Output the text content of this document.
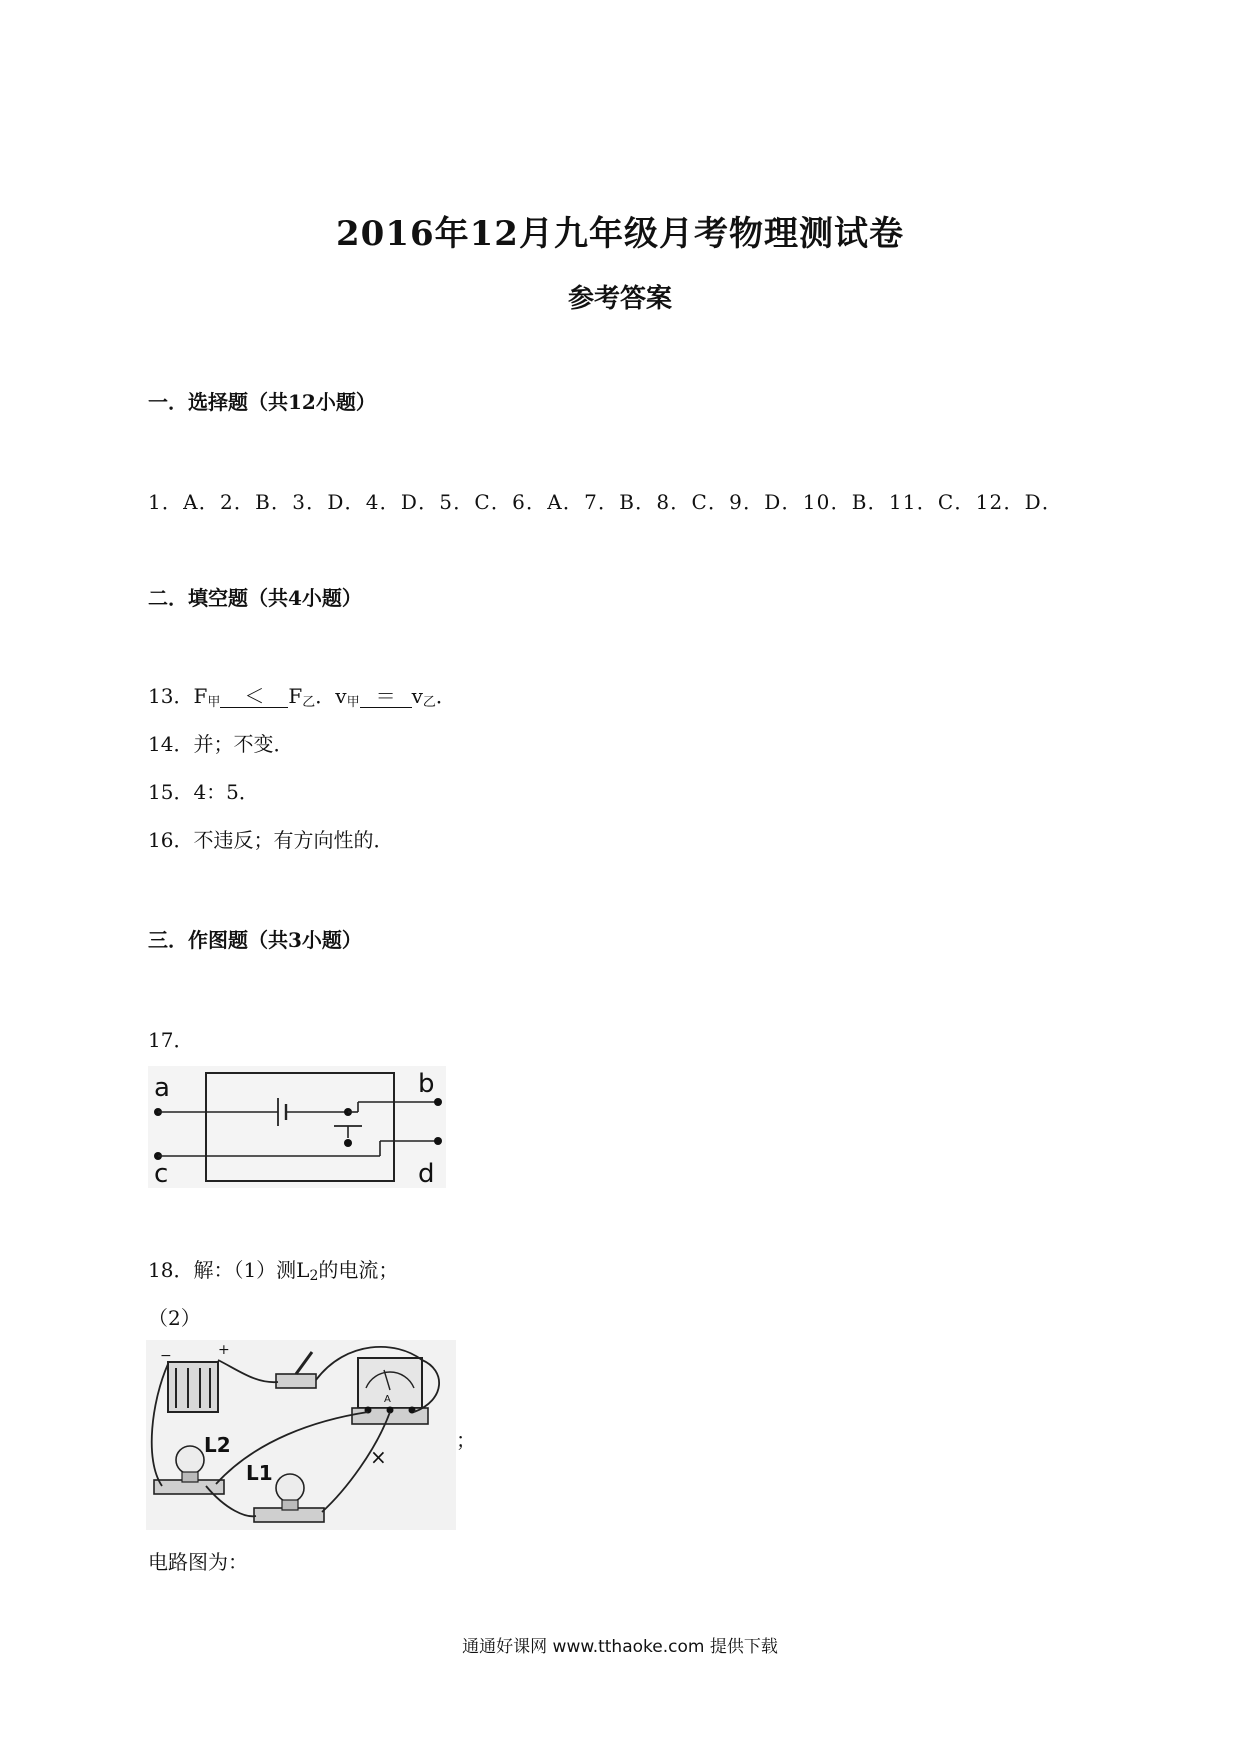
2016年12月九年级月考物理测试卷
参考答案
一．选择题（共12小题）
1．A．2．B．3．D．4．D．5．C．6．A．7．B．8．C．9．D．10．B．11．C．12．D．
二．填空题（共4小题）
13．F甲 ＜ F乙．v甲 ＝ v乙．
14．并；不变．
15．4：5．
16．不违反；有方向性的．
三．作图题（共3小题）
17．
a	b
c	d
18．解：（1）测L2的电流；
（2）
−	+
A
L2
L1
×
；
电路图为：
通通好课网 www.tthaoke.com 提供下载
